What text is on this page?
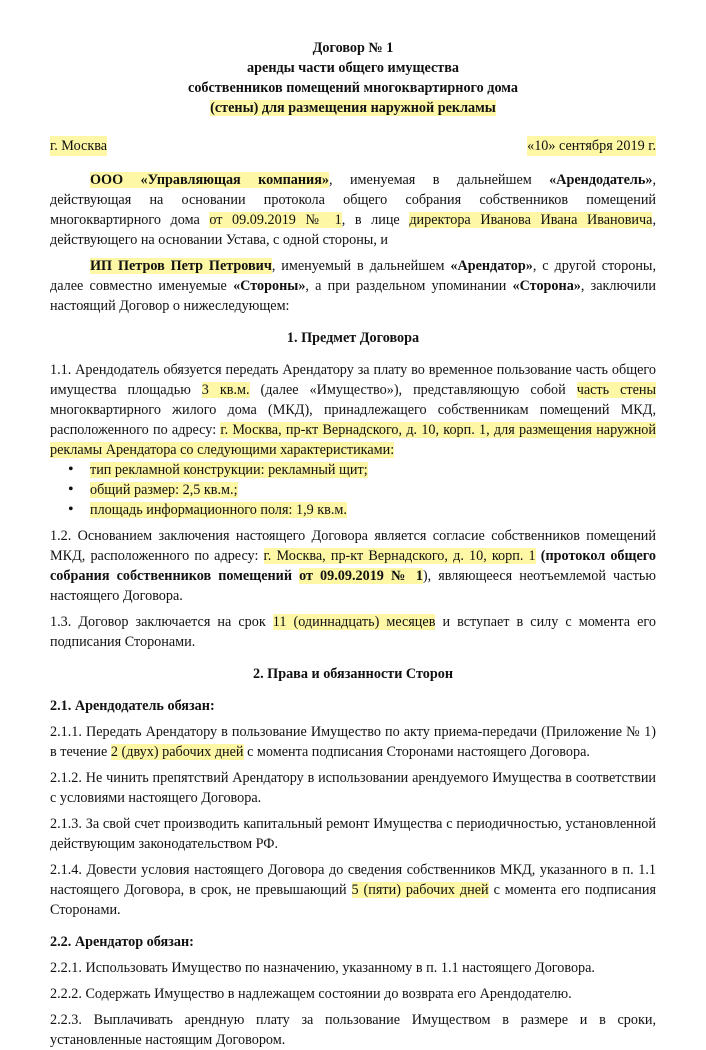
Договор № 1
аренды части общего имущества
собственников помещений многоквартирного дома
(стены) для размещения наружной рекламы
г. Москва	«10» сентября 2019 г.

ООО «Управляющая компания», именуемая в дальнейшем «Арендодатель», действующая на основании протокола общего собрания собственников помещений многоквартирного дома от 09.09.2019 № 1, в лице директора Иванова Ивана Ивановича, действующего на основании Устава, с одной стороны, и

ИП Петров Петр Петрович, именуемый в дальнейшем «Арендатор», с другой стороны, далее совместно именуемые «Стороны», а при раздельном упоминании «Сторона», заключили настоящий Договор о нижеследующем:

1. Предмет Договора

1.1. Арендодатель обязуется передать Арендатору за плату во временное пользование часть общего имущества площадью 3 кв.м. (далее «Имущество»), представляющую собой часть стены многоквартирного жилого дома (МКД), принадлежащего собственникам помещений МКД, расположенного по адресу: г. Москва, пр-кт Вернадского, д. 10, корп. 1, для размещения наружной рекламы Арендатора со следующими характеристиками:

• тип рекламной конструкции: рекламный щит;
• общий размер: 2,5 кв.м.;
• площадь информационного поля: 1,9 кв.м.

1.2. Основанием заключения настоящего Договора является согласие собственников помещений МКД, расположенного по адресу: г. Москва, пр-кт Вернадского, д. 10, корп. 1 (протокол общего собрания собственников помещений от 09.09.2019 № 1), являющееся неотъемлемой частью настоящего Договора.

1.3. Договор заключается на срок 11 (одиннадцать) месяцев и вступает в силу с момента его подписания Сторонами.

2. Права и обязанности Сторон
2.1. Арендодатель обязан:

2.1.1. Передать Арендатору в пользование Имущество по акту приема-передачи (Приложение № 1) в течение 2 (двух) рабочих дней с момента подписания Сторонами настоящего Договора.

2.1.2. Не чинить препятствий Арендатору в использовании арендуемого Имущества в соответствии с условиями настоящего Договора.

2.1.3. За свой счет производить капитальный ремонт Имущества с периодичностью, установленной действующим законодательством РФ.

2.1.4. Довести условия настоящего Договора до сведения собственников МКД, указанного в п. 1.1 настоящего Договора, в срок, не превышающий 5 (пяти) рабочих дней с момента его подписания Сторонами.

2.2. Арендатор обязан:

2.2.1. Использовать Имущество по назначению, указанному в п. 1.1 настоящего Договора.

2.2.2. Содержать Имущество в надлежащем состоянии до возврата его Арендодателю.

2.2.3. Выплачивать арендную плату за пользование Имуществом в размере и в сроки, установленные настоящим Договором.
